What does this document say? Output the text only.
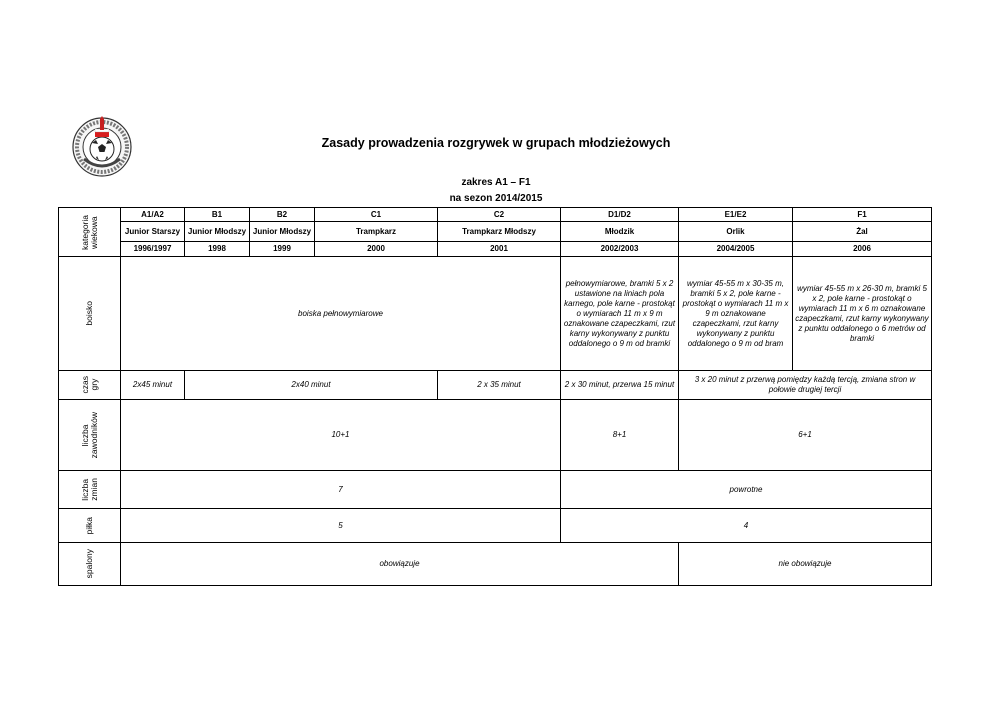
Zasady prowadzenia rozgrywek w grupach młodzieżowych
zakres A1 – F1
na sezon 2014/2015
kategoria
wiekowa	A1/A2	B1	B2	C1	C2	D1/D2	E1/E2	F1
	Junior Starszy	Junior Młodszy	Junior Młodszy	Trampkarz	Trampkarz Młodszy	Młodzik	Orlik	Żal
	1996/1997	1998	1999	2000	2001	2002/2003	2004/2005	2006

boisko	boiska pełnowymiarowe					pełnowymiarowe, bramki 5 x 2 ustawione na liniach pola karnego, pole karne - prostokąt o wymiarach 11 m x 9 m oznakowane czapeczkami, rzut karny wykonywany z punktu oddalonego o 9 m od bramki	wymiar 45-55 m x 30-35 m, bramki 5 x 2, pole karne - prostokąt o wymiarach 11 m x 9 m oznakowane czapeczkami, rzut karny wykonywany z punktu oddalonego o 9 m od bram	wymiar 45-55 m x 26-30 m, bramki 5 x 2, pole karne - prostokąt o wymiarach 11 m x 6 m oznakowane czapeczkami, rzut karny wykonywany z punktu oddalonego o 6 metrów od bramki

czas
gry	2x45 minut	2x40 minut			2 x 35 minut	2 x 30 minut, przerwa 15 minut	3 x 20 minut z przerwą pomiędzy każdą tercją, zmiana stron w połowie drugiej tercji	

liczba
zawodników	10+1					8+1	6+1	

liczba
zmian	7					powrotne		

piłka	5					4		

spalony	obowiązuje						nie obowiązuje	
